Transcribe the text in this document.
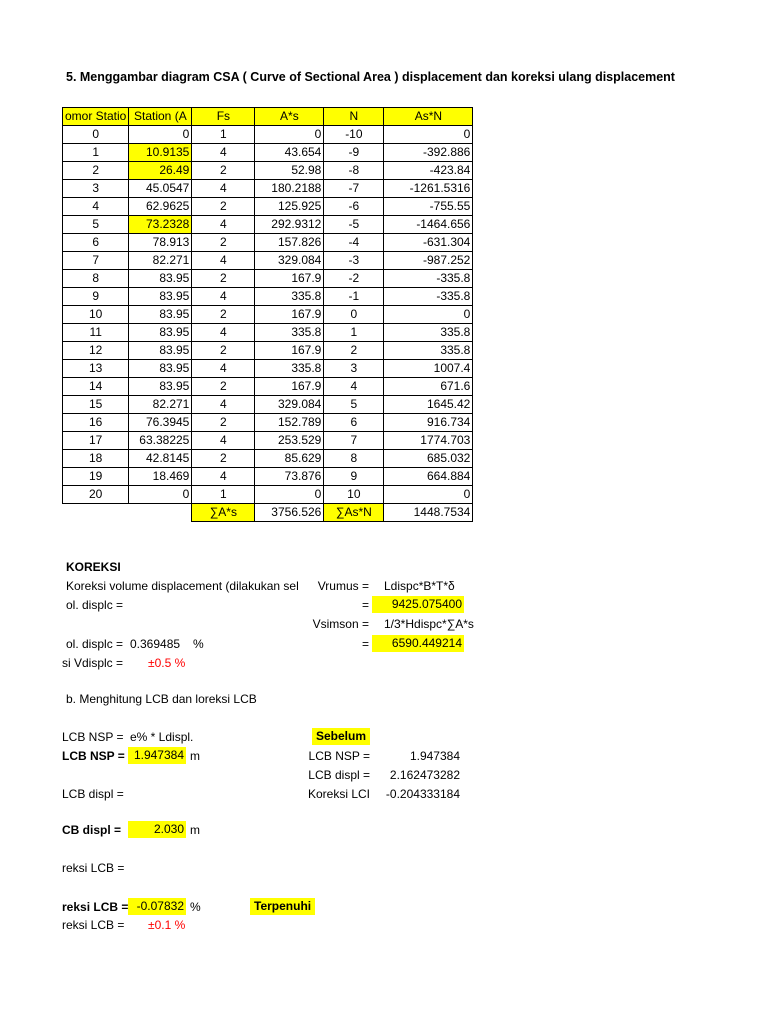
5. Menggambar diagram CSA ( Curve of Sectional Area ) displacement dan koreksi ulang displacement
omor Statio	Station (A	Fs	A*s	N	As*N
0	0	1	0	-10	0
1	10.9135	4	43.654	-9	-392.886
2	26.49	2	52.98	-8	-423.84
3	45.0547	4	180.2188	-7	-1261.5316
4	62.9625	2	125.925	-6	-755.55
5	73.2328	4	292.9312	-5	-1464.656
6	78.913	2	157.826	-4	-631.304
7	82.271	4	329.084	-3	-987.252
8	83.95	2	167.9	-2	-335.8
9	83.95	4	335.8	-1	-335.8
10	83.95	2	167.9	0	0
11	83.95	4	335.8	1	335.8
12	83.95	2	167.9	2	335.8
13	83.95	4	335.8	3	1007.4
14	83.95	2	167.9	4	671.6
15	82.271	4	329.084	5	1645.42
16	76.3945	2	152.789	6	916.734
17	63.38225	4	253.529	7	1774.703
18	42.8145	2	85.629	8	685.032
19	18.469	4	73.876	9	664.884
20	0	1	0	10	0
		∑A*s	3756.526	∑As*N	1448.7534
KOREKSI
Koreksi volume displacement (dilakukan sel	Vrumus = Ldispc*B*T*δ
ol. displc =	=	9425.075400
Vsimson = 1/3*Hdispc*∑A*s
=	6590.449214
ol. displc = 0.369485 %
si Vdisplc = ±0.5 %
b. Menghitung LCB dan loreksi LCB
LCB NSP = e% * Ldispl.	Sebelum
LCB NSP = 1.947384 m	LCB NSP =	1.947384
LCB displ =	2.162473282
LCB displ =	Koreksi LCI	-0.204333184
CB displ =	2.030 m
reksi LCB =
reksi LCB = -0.07832 %	Terpenuhi
reksi LCB = ±0.1 %
